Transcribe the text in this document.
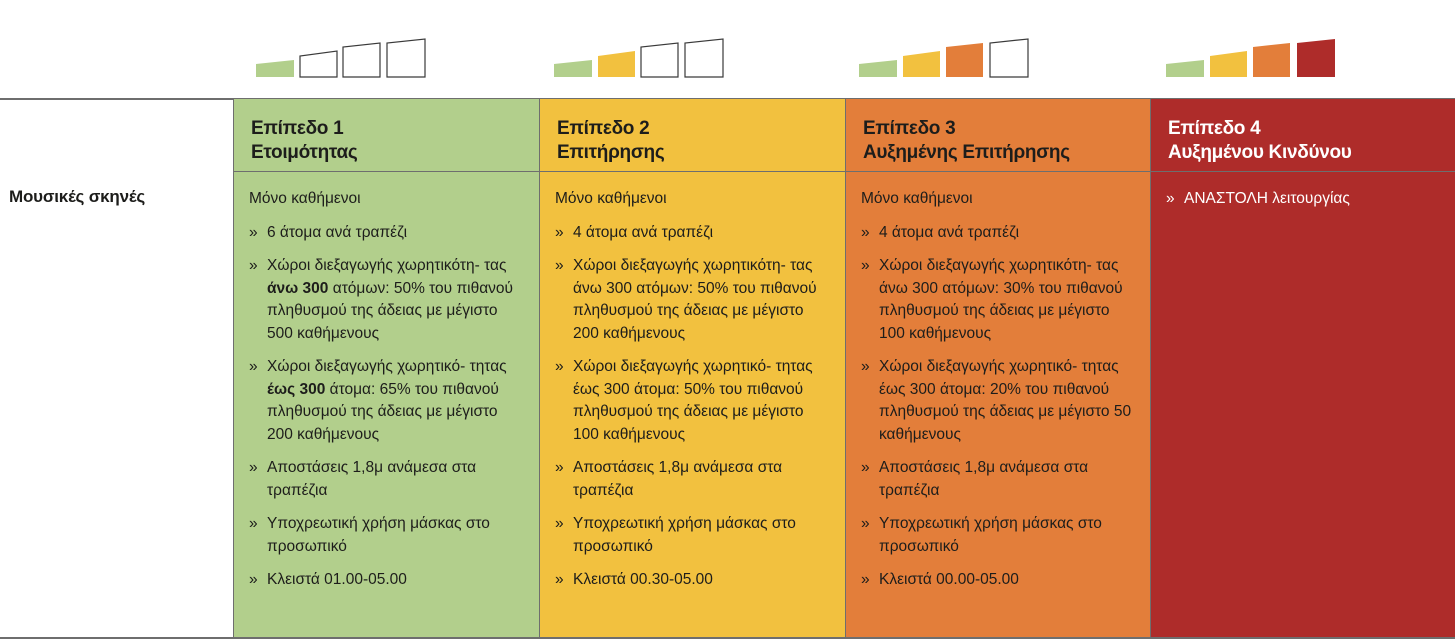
Μουσικές σκηνές
Επίπεδο 1
Ετοιμότητας
Μόνο καθήμενοι
» 6 άτομα ανά τραπέζι
» Χώροι διεξαγωγής χωρητικότη- τας άνω 300 ατόμων: 50% του πιθανού πληθυσμού της άδειας με μέγιστο 500 καθήμενους
» Χώροι διεξαγωγής χωρητικό- τητας έως 300 άτομα: 65% του πιθανού πληθυσμού της άδειας με μέγιστο 200 καθήμενους
» Αποστάσεις 1,8μ ανάμεσα στα τραπέζια
» Υποχρεωτική χρήση μάσκας στο προσωπικό
» Κλειστά 01.00-05.00
Επίπεδο 2
Επιτήρησης
Μόνο καθήμενοι
» 4 άτομα ανά τραπέζι
» Χώροι διεξαγωγής χωρητικότη- τας άνω 300 ατόμων: 50% του πιθανού πληθυσμού της άδειας με μέγιστο 200 καθήμενους
» Χώροι διεξαγωγής χωρητικό- τητας έως 300 άτομα: 50% του πιθανού πληθυσμού της άδειας με μέγιστο 100 καθήμενους
» Αποστάσεις 1,8μ ανάμεσα στα τραπέζια
» Υποχρεωτική χρήση μάσκας στο προσωπικό
» Κλειστά 00.30-05.00
Επίπεδο 3
Αυξημένης Επιτήρησης
Μόνο καθήμενοι
» 4 άτομα ανά τραπέζι
» Χώροι διεξαγωγής χωρητικότη- τας άνω 300 ατόμων: 30% του πιθανού πληθυσμού της άδειας με μέγιστο 100 καθήμενους
» Χώροι διεξαγωγής χωρητικό- τητας έως 300 άτομα: 20% του πιθανού πληθυσμού της άδειας με μέγιστο 50 καθήμενους
» Αποστάσεις 1,8μ ανάμεσα στα τραπέζια
» Υποχρεωτική χρήση μάσκας στο προσωπικό
» Κλειστά 00.00-05.00
Επίπεδο 4
Αυξημένου Κινδύνου
» ΑΝΑΣΤΟΛΗ λειτουργίας
